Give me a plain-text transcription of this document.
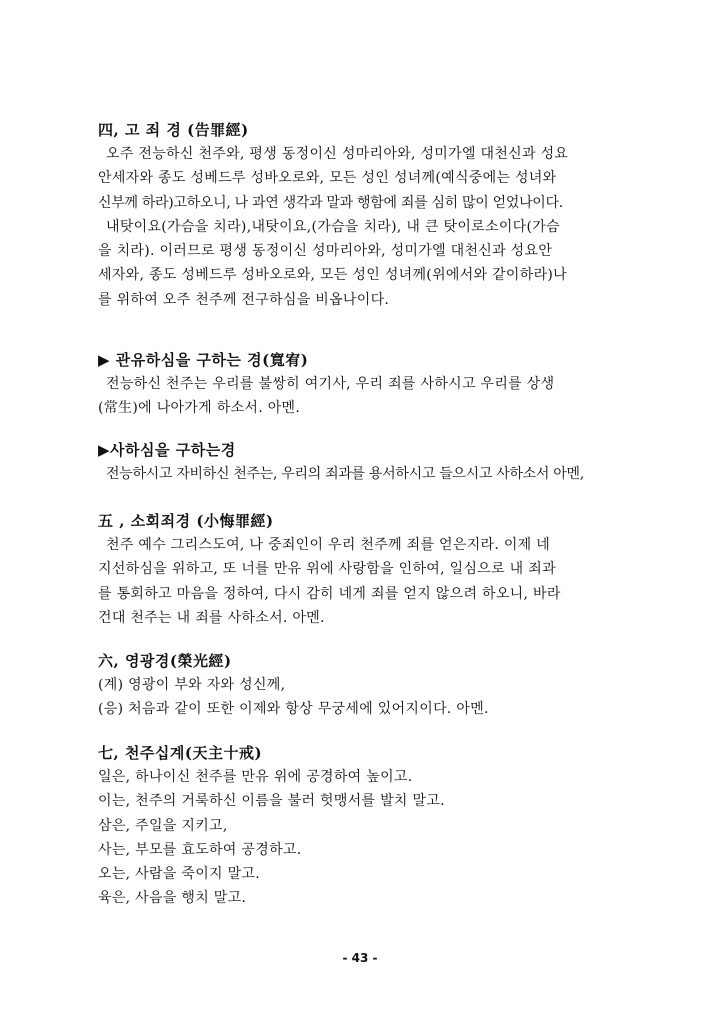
四, 고 죄 경 (告罪經)
오주 전능하신 천주와, 평생 동정이신 성마리아와, 성미가엘 대천신과 성요
안세자와 종도 성베드루 성바오로와, 모든 성인 성녀께(예식중에는 성녀와
신부께 하라)고하오니, 나 과연 생각과 말과 행함에 죄를 심히 많이 얻었나이다.
내탓이요(가슴을 치라),내탓이요,(가슴을 치라), 내 큰 탓이로소이다(가슴
을 치라). 이러므로 평생 동정이신 성마리아와, 성미가엘 대천신과 성요안
세자와, 종도 성베드루 성바오로와, 모든 성인 성녀께(위에서와 같이하라)나
를 위하여 오주 천주께 전구하심을 비옵나이다.
▶ 관유하심을 구하는 경(寬宥)
전능하신 천주는 우리를 불쌍히 여기사, 우리 죄를 사하시고 우리를 상생
(常生)에 나아가게 하소서. 아멘.
▶사하심을 구하는경
전능하시고 자비하신 천주는, 우리의 죄과를 용서하시고 들으시고 사하소서 아멘,
五 , 소회죄경 (小悔罪經)
천주 예수 그리스도여, 나 중죄인이 우리 천주께 죄를 얻은지라. 이제 네
지선하심을 위하고, 또 너를 만유 위에 사랑함을 인하여, 일심으로 내 죄과
를 통회하고 마음을 정하여, 다시 감히 네게 죄를 얻지 않으려 하오니, 바라
건대 천주는 내 죄를 사하소서. 아멘.
六, 영광경(榮光經)
(계) 영광이 부와 자와 성신께,
(응) 처음과 같이 또한 이제와 항상 무궁세에 있어지이다. 아멘.
七, 천주십계(天主十戒)
일은, 하나이신 천주를 만유 위에 공경하여 높이고.
이는, 천주의 거룩하신 이름을 불러 헛맹서를 발치 말고.
삼은, 주일을 지키고,
사는, 부모를 효도하여 공경하고.
오는, 사람을 죽이지 말고.
육은, 사음을 행치 말고.
- 43 -
